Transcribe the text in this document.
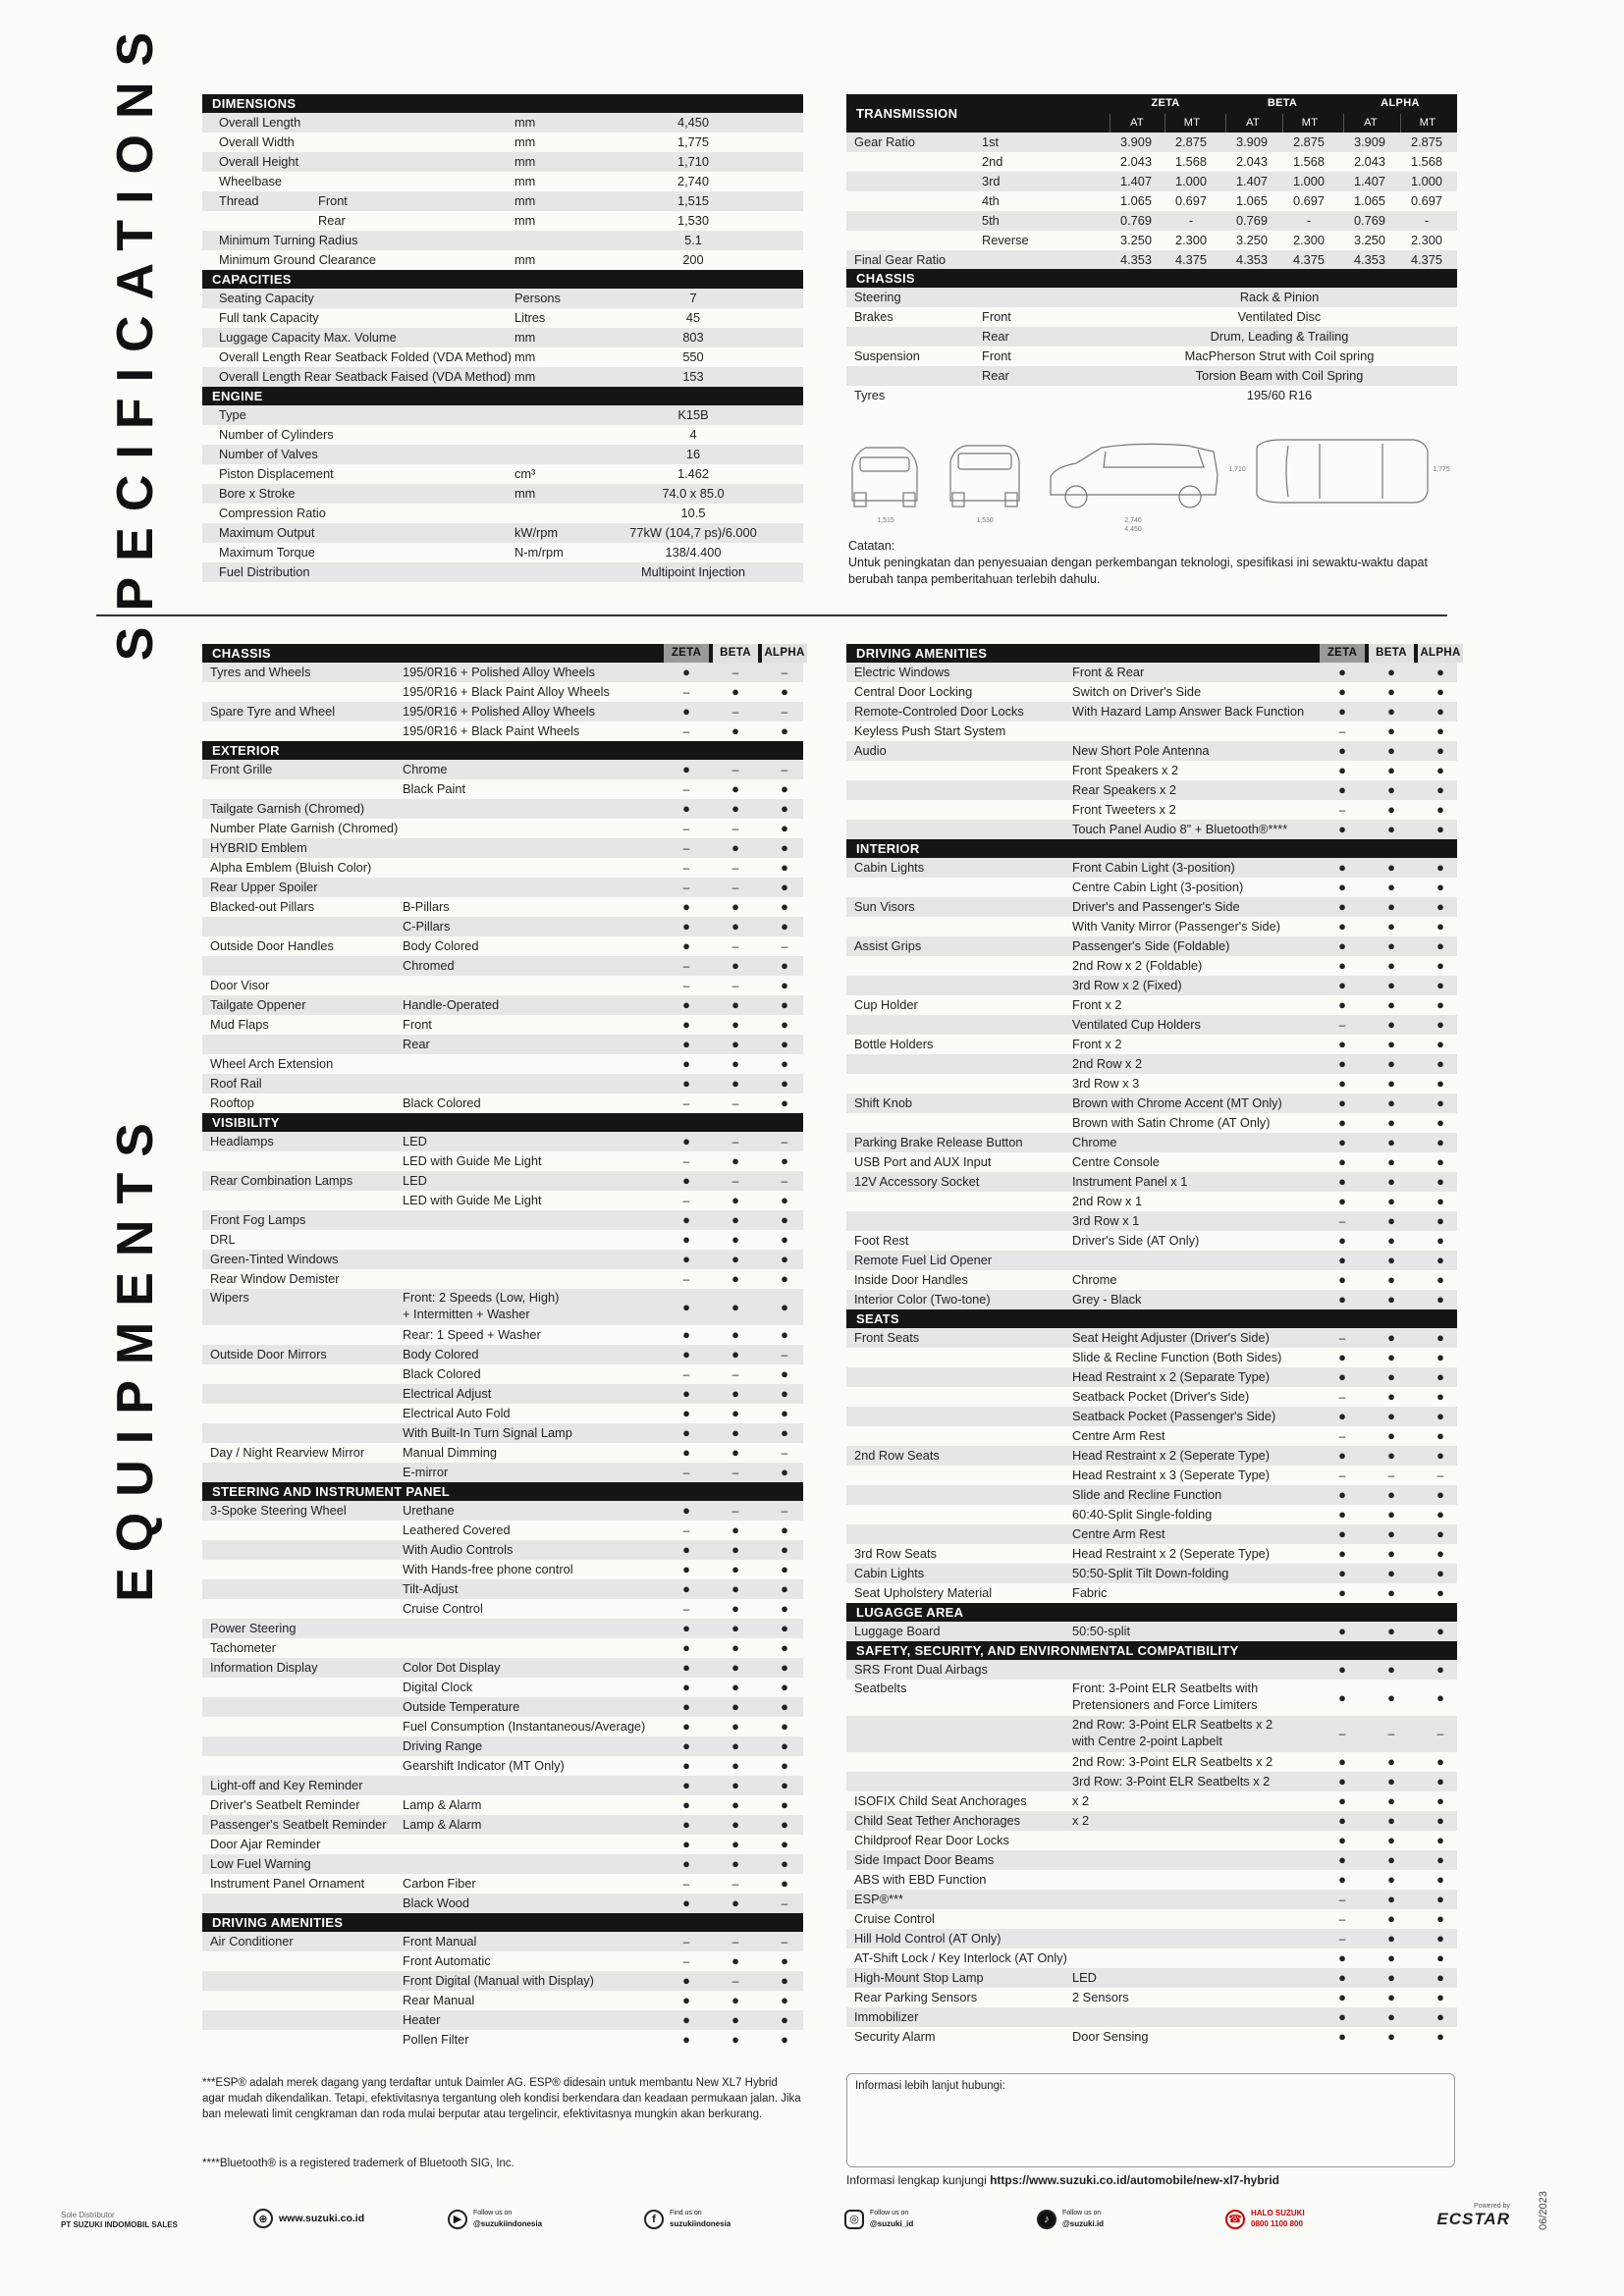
SPECIFICATIONS
EQUIPMENTS
DIMENSIONS
Overall Length	mm	4,450
Overall Width	mm	1,775
Overall Height	mm	1,710
Wheelbase	mm	2,740
Thread	Front	mm	1,515
Rear	mm	1,530
Minimum Turning Radius	5.1
Minimum Ground Clearance	mm	200
CAPACITIES
Seating Capacity	Persons	7
Full tank Capacity	Litres	45
Luggage Capacity Max. Volume	mm	803
Overall Length Rear Seatback Folded (VDA Method) mm	550
Overall Length Rear Seatback Faised (VDA Method) mm	153
ENGINE
Type	K15B
Number of Cylinders	4
Number of Valves	16
Piston Displacement	cm³	1.462
Bore x Stroke	mm	74.0 x 85.0
Compression Ratio	10.5
Maximum Output	kW/rpm	77kW (104,7 ps)/6.000
Maximum Torque	N-m/rpm	138/4.400
Fuel Distribution	Multipoint Injection
TRANSMISSION
ZETA	BETA	ALPHA
AT	MT	AT	MT	AT	MT
Gear Ratio	1st	3.909	2.875	3.909	2.875	3.909	2.875
2nd	2.043	1.568	2.043	1.568	2.043	1.568
3rd	1.407	1.000	1.407	1.000	1.407	1.000
4th	1.065	0.697	1.065	0.697	1.065	0.697
5th	0.769	-	0.769	-	0.769	-
Reverse	3.250	2.300	3.250	2.300	3.250	2.300
Final Gear Ratio	4.353	4.375	4.353	4.375	4.353	4.375
CHASSIS
Steering	Rack & Pinion
Brakes	Front	Ventilated Disc
Rear	Drum, Leading & Trailing
Suspension	Front	MacPherson Strut with Coil spring
Rear	Torsion Beam with Coil Spring
Tyres	195/60 R16
1,515	1,530	2,740
4,450
1,710	1,775
Catatan:
Untuk peningkatan dan penyesuaian dengan perkembangan teknologi, spesifikasi ini sewaktu-waktu dapat berubah tanpa pemberitahuan terlebih dahulu.
CHASSIS	ZETA	BETA	ALPHA
Tyres and Wheels	195/0R16 + Polished Alloy Wheels	●	–	–
195/0R16 + Black Paint Alloy Wheels	–	●	●
Spare Tyre and Wheel	195/0R16 + Polished Alloy Wheels	●	–	–
195/0R16 + Black Paint Wheels	–	●	●
EXTERIOR
Front Grille	Chrome	●	–	–
Black Paint	–	●	●
Tailgate Garnish (Chromed)	●	●	●
Number Plate Garnish (Chromed)	–	–	●
HYBRID Emblem	–	●	●
Alpha Emblem (Bluish Color)	–	–	●
Rear Upper Spoiler	–	–	●
Blacked-out Pillars	B-Pillars	●	●	●
C-Pillars	●	●	●
Outside Door Handles	Body Colored	●	–	–
Chromed	–	●	●
Door Visor	–	–	●
Tailgate Oppener	Handle-Operated	●	●	●
Mud Flaps	Front	●	●	●
Rear	●	●	●
Wheel Arch Extension	●	●	●
Roof Rail	●	●	●
Rooftop	Black Colored	–	–	●
VISIBILITY
Headlamps	LED	●	–	–
LED with Guide Me Light	–	●	●
Rear Combination Lamps	LED	●	–	–
LED with Guide Me Light	–	●	●
Front Fog Lamps	●	●	●
DRL	●	●	●
Green-Tinted Windows	●	●	●
Rear Window Demister	–	●	●
Wipers	Front: 2 Speeds (Low, High)
+ Intermitten + Washer	●	●	●
Rear: 1 Speed + Washer	●	●	●
Outside Door Mirrors	Body Colored	●	●	–
Black Colored	–	–	●
Electrical Adjust	●	●	●
Electrical Auto Fold	●	●	●
With Built-In Turn Signal Lamp	●	●	●
Day / Night Rearview Mirror	Manual Dimming	●	●	–
E-mirror	–	–	●
STEERING AND INSTRUMENT PANEL
3-Spoke Steering Wheel	Urethane	●	–	–
Leathered Covered	–	●	●
With Audio Controls	●	●	●
With Hands-free phone control	●	●	●
Tilt-Adjust	●	●	●
Cruise Control	–	●	●
Power Steering	●	●	●
Tachometer	●	●	●
Information Display	Color Dot Display	●	●	●
Digital Clock	●	●	●
Outside Temperature	●	●	●
Fuel Consumption (Instantaneous/Average)	●	●	●
Driving Range	●	●	●
Gearshift Indicator (MT Only)	●	●	●
Light-off and Key Reminder	●	●	●
Driver's Seatbelt Reminder	Lamp & Alarm	●	●	●
Passenger's Seatbelt Reminder	Lamp & Alarm	●	●	●
Door Ajar Reminder	●	●	●
Low Fuel Warning	●	●	●
Instrument Panel Ornament	Carbon Fiber	–	–	●
Black Wood	●	●	–
DRIVING AMENITIES
Air Conditioner	Front Manual	–	–	–
Front Automatic	–	●	●
Front Digital (Manual with Display)	●	–	●
Rear Manual	●	●	●
Heater	●	●	●
Pollen Filter	●	●	●
DRIVING AMENITIES	ZETA	BETA	ALPHA
Electric Windows	Front & Rear	●	●	●
Central Door Locking	Switch on Driver's Side	●	●	●
Remote-Controled Door Locks	With Hazard Lamp Answer Back Function	●	●	●
Keyless Push Start System	–	●	●
Audio	New Short Pole Antenna	●	●	●
Front Speakers x 2	●	●	●
Rear Speakers x 2	●	●	●
Front Tweeters x 2	–	●	●
Touch Panel Audio 8" + Bluetooth®****	●	●	●
INTERIOR
Cabin Lights	Front Cabin Light (3-position)	●	●	●
Centre Cabin Light (3-position)	●	●	●
Sun Visors	Driver's and Passenger's Side	●	●	●
With Vanity Mirror (Passenger's Side)	●	●	●
Assist Grips	Passenger's Side (Foldable)	●	●	●
2nd Row x 2 (Foldable)	●	●	●
3rd Row x 2 (Fixed)	●	●	●
Cup Holder	Front x 2	●	●	●
Ventilated Cup Holders	–	●	●
Bottle Holders	Front x 2	●	●	●
2nd Row x 2	●	●	●
3rd Row x 3	●	●	●
Shift Knob	Brown with Chrome Accent (MT Only)	●	●	●
Brown with Satin Chrome (AT Only)	●	●	●
Parking Brake Release Button	Chrome	●	●	●
USB Port and AUX Input	Centre Console	●	●	●
12V Accessory Socket	Instrument Panel x 1	●	●	●
2nd Row x 1	●	●	●
3rd Row x 1	–	●	●
Foot Rest	Driver's Side (AT Only)	●	●	●
Remote Fuel Lid Opener	●	●	●
Inside Door Handles	Chrome	●	●	●
Interior Color (Two-tone)	Grey - Black	●	●	●
SEATS
Front Seats	Seat Height Adjuster (Driver's Side)	–	●	●
Slide & Recline Function (Both Sides)	●	●	●
Head Restraint x 2 (Separate Type)	●	●	●
Seatback Pocket (Driver's Side)	–	●	●
Seatback Pocket (Passenger's Side)	●	●	●
Centre Arm Rest	–	●	●
2nd Row Seats	Head Restraint x 2 (Seperate Type)	●	●	●
Head Restraint x 3 (Seperate Type)	–	–	–
Slide and Recline Function	●	●	●
60:40-Split Single-folding	●	●	●
Centre Arm Rest	●	●	●
3rd Row Seats	Head Restraint x 2 (Seperate Type)	●	●	●
Cabin Lights	50:50-Split Tilt Down-folding	●	●	●
Seat Upholstery Material	Fabric	●	●	●
LUGAGGE AREA
Luggage Board	50:50-split	●	●	●
SAFETY, SECURITY, AND ENVIRONMENTAL COMPATIBILITY
SRS Front Dual Airbags	●	●	●
Seatbelts	Front: 3-Point ELR Seatbelts with
Pretensioners and Force Limiters	●	●	●
2nd Row: 3-Point ELR Seatbelts x 2
with Centre 2-point Lapbelt	–	–	–
2nd Row: 3-Point ELR Seatbelts x 2	●	●	●
3rd Row: 3-Point ELR Seatbelts x 2	●	●	●
ISOFIX Child Seat Anchorages	x 2	●	●	●
Child Seat Tether Anchorages	x 2	●	●	●
Childproof Rear Door Locks	●	●	●
Side Impact Door Beams	●	●	●
ABS with EBD Function	●	●	●
ESP®***	–	●	●
Cruise Control	–	●	●
Hill Hold Control (AT Only)	–	●	●
AT-Shift Lock / Key Interlock (AT Only)	●	●	●
High-Mount Stop Lamp	LED	●	●	●
Rear Parking Sensors	2 Sensors	●	●	●
Immobilizer	●	●	●
Security Alarm	Door Sensing	●	●	●
***ESP® adalah merek dagang yang terdaftar untuk Daimler AG. ESP® didesain untuk membantu New XL7 Hybrid agar mudah dikendalikan. Tetapi, efektivitasnya tergantung oleh kondisi berkendara dan keadaan permukaan jalan. Jika ban melewati limit cengkraman dan roda mulai berputar atau tergelincir, efektivitasnya mungkin akan berkurang.
****Bluetooth® is a registered trademerk of Bluetooth SIG, Inc.
Informasi lebih lanjut hubungi:
Informasi lengkap kunjungi https://www.suzuki.co.id/automobile/new-xl7-hybrid
Sole Distributor
PT SUZUKI INDOMOBIL SALES	⊕	www.suzuki.co.id	▶
Follow us on
@suzukiindonesia	f	Find us on
suzukiindonesia	◎
Follow us on
@suzuki_id	♪	Follow us on
@suzuki.id	☎
HALO SUZUKI
0800 1100 800
Powered by
ECSTAR	06/2023
